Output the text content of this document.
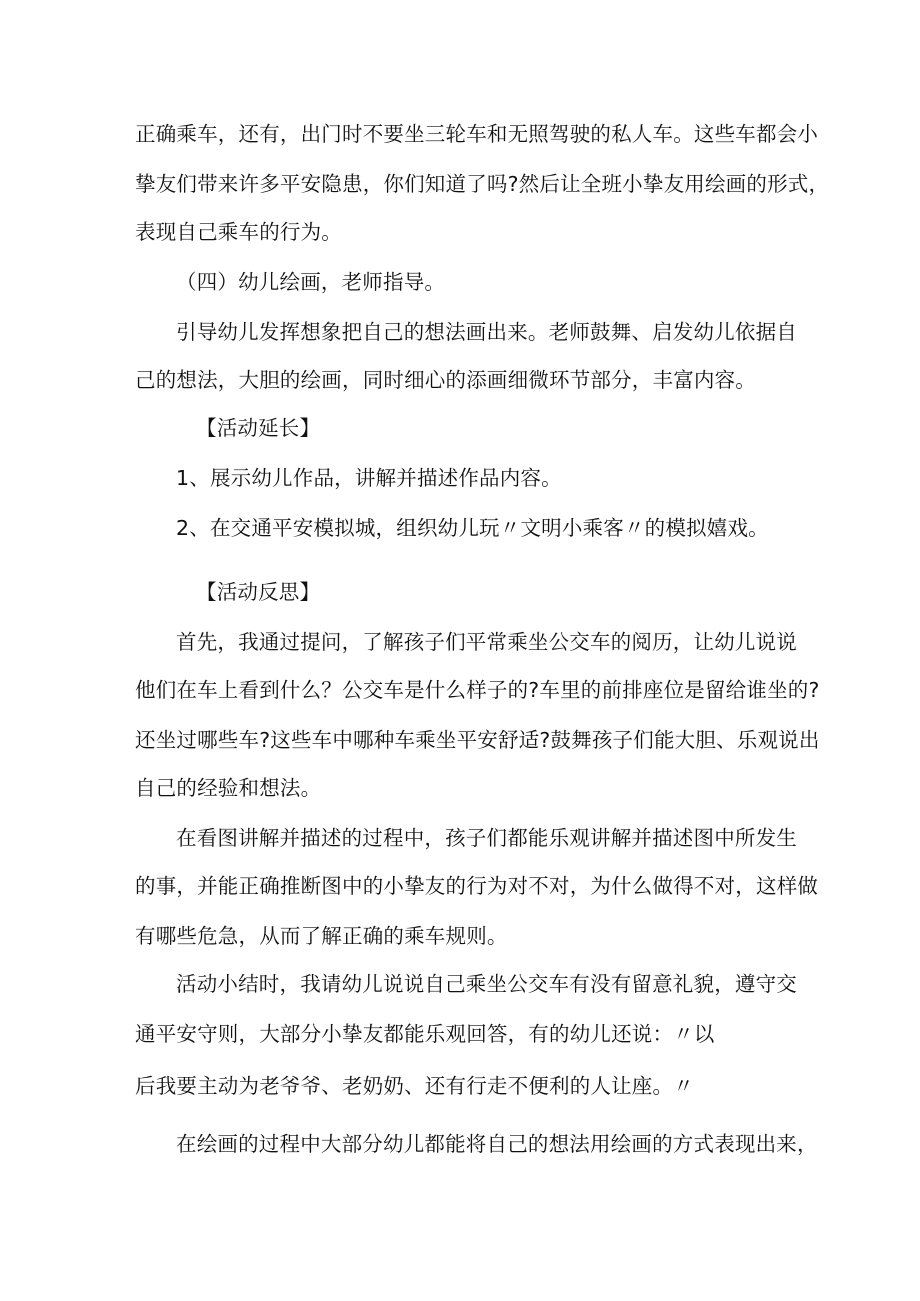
正确乘车，还有，出门时不要坐三轮车和无照驾驶的私人车。这些车都会小
挚友们带来许多平安隐患，你们知道了吗?然后让全班小挚友用绘画的形式，
表现自己乘车的行为。
（四）幼儿绘画，老师指导。
引导幼儿发挥想象把自己的想法画出来。老师鼓舞、启发幼儿依据自
己的想法，大胆的绘画，同时细心的添画细微环节部分，丰富内容。
【活动延长】
1、展示幼儿作品，讲解并描述作品内容。
2、在交通平安模拟城，组织幼儿玩〃文明小乘客〃的模拟嬉戏。
【活动反思】
首先，我通过提问，了解孩子们平常乘坐公交车的阅历，让幼儿说说
他们在车上看到什么？公交车是什么样子的?车里的前排座位是留给谁坐的?
还坐过哪些车?这些车中哪种车乘坐平安舒适?鼓舞孩子们能大胆、乐观说出
自己的经验和想法。
在看图讲解并描述的过程中，孩子们都能乐观讲解并描述图中所发生
的事，并能正确推断图中的小挚友的行为对不对，为什么做得不对，这样做
有哪些危急，从而了解正确的乘车规则。
活动小结时，我请幼儿说说自己乘坐公交车有没有留意礼貌，遵守交
通平安守则，大部分小挚友都能乐观回答，有的幼儿还说：〃以
后我要主动为老爷爷、老奶奶、还有行走不便利的人让座。〃
在绘画的过程中大部分幼儿都能将自己的想法用绘画的方式表现出来，
